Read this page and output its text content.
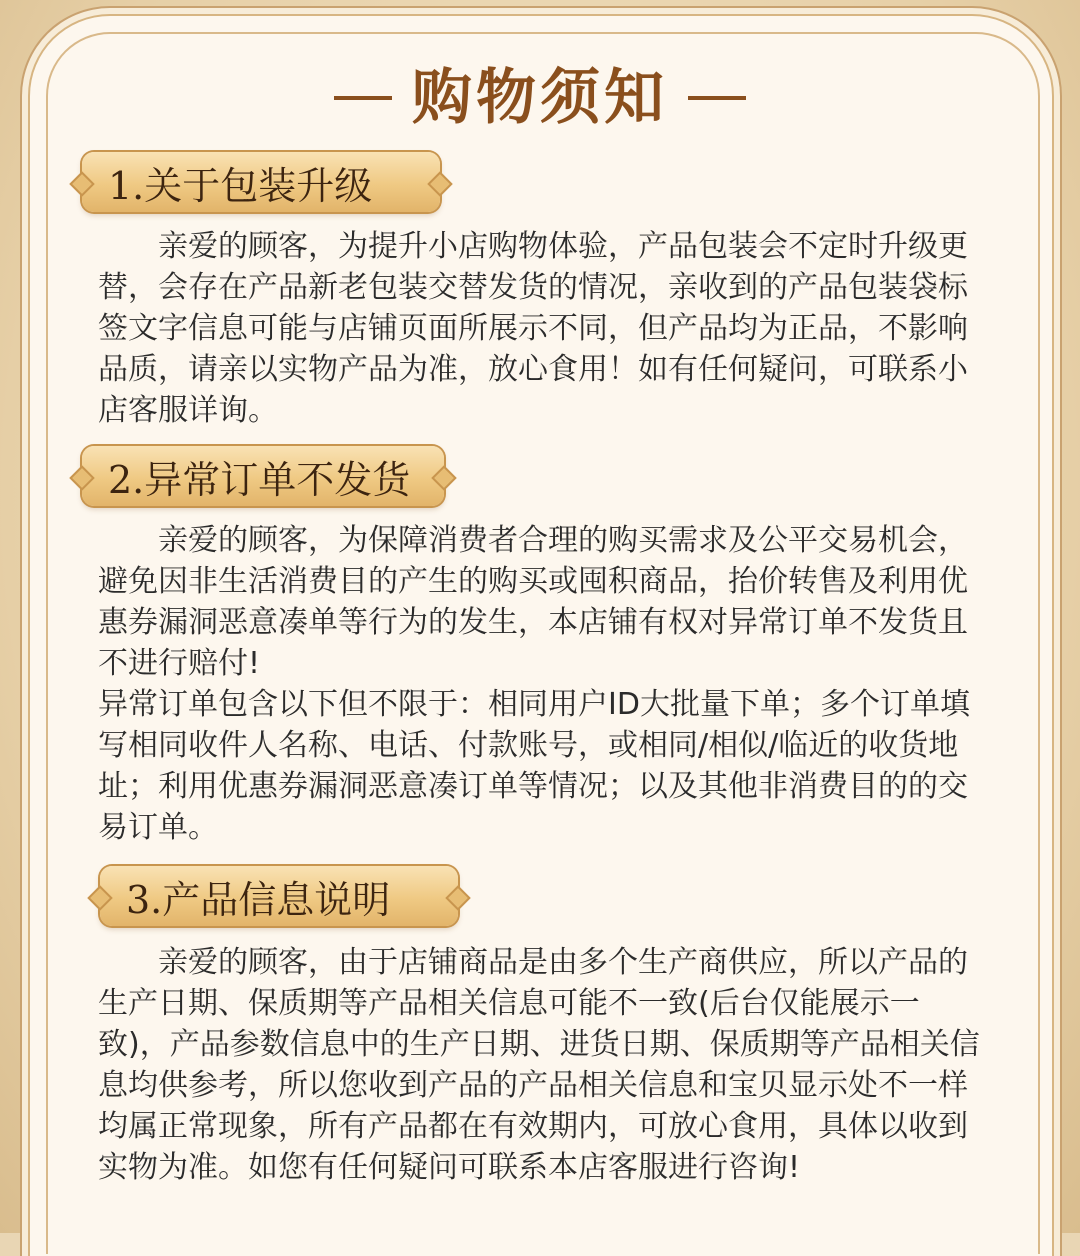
购物须知
1.关于包装升级

亲爱的顾客，为提升小店购物体验，产品包装会不定时升级更替，会存在产品新老包装交替发货的情况，亲收到的产品包装袋标签文字信息可能与店铺页面所展示不同，但产品均为正品，不影响品质，请亲以实物产品为准，放心食用！如有任何疑问，可联系小店客服详询。

2.异常订单不发货

亲爱的顾客，为保障消费者合理的购买需求及公平交易机会，避免因非生活消费目的产生的购买或囤积商品，抬价转售及利用优惠券漏洞恶意凑单等行为的发生，本店铺有权对异常订单不发货且不进行赔付!

异常订单包含以下但不限于：相同用户ID大批量下单；多个订单填写相同收件人名称、电话、付款账号，或相同/相似/临近的收货地址；利用优惠券漏洞恶意凑订单等情况；以及其他非消费目的的交易订单。

3.产品信息说明

亲爱的顾客，由于店铺商品是由多个生产商供应，所以产品的生产日期、保质期等产品相关信息可能不一致(后台仅能展示一致)，产品参数信息中的生产日期、进货日期、保质期等产品相关信息均供参考，所以您收到产品的产品相关信息和宝贝显示处不一样均属正常现象，所有产品都在有效期内，可放心食用，具体以收到实物为准。如您有任何疑问可联系本店客服进行咨询!
